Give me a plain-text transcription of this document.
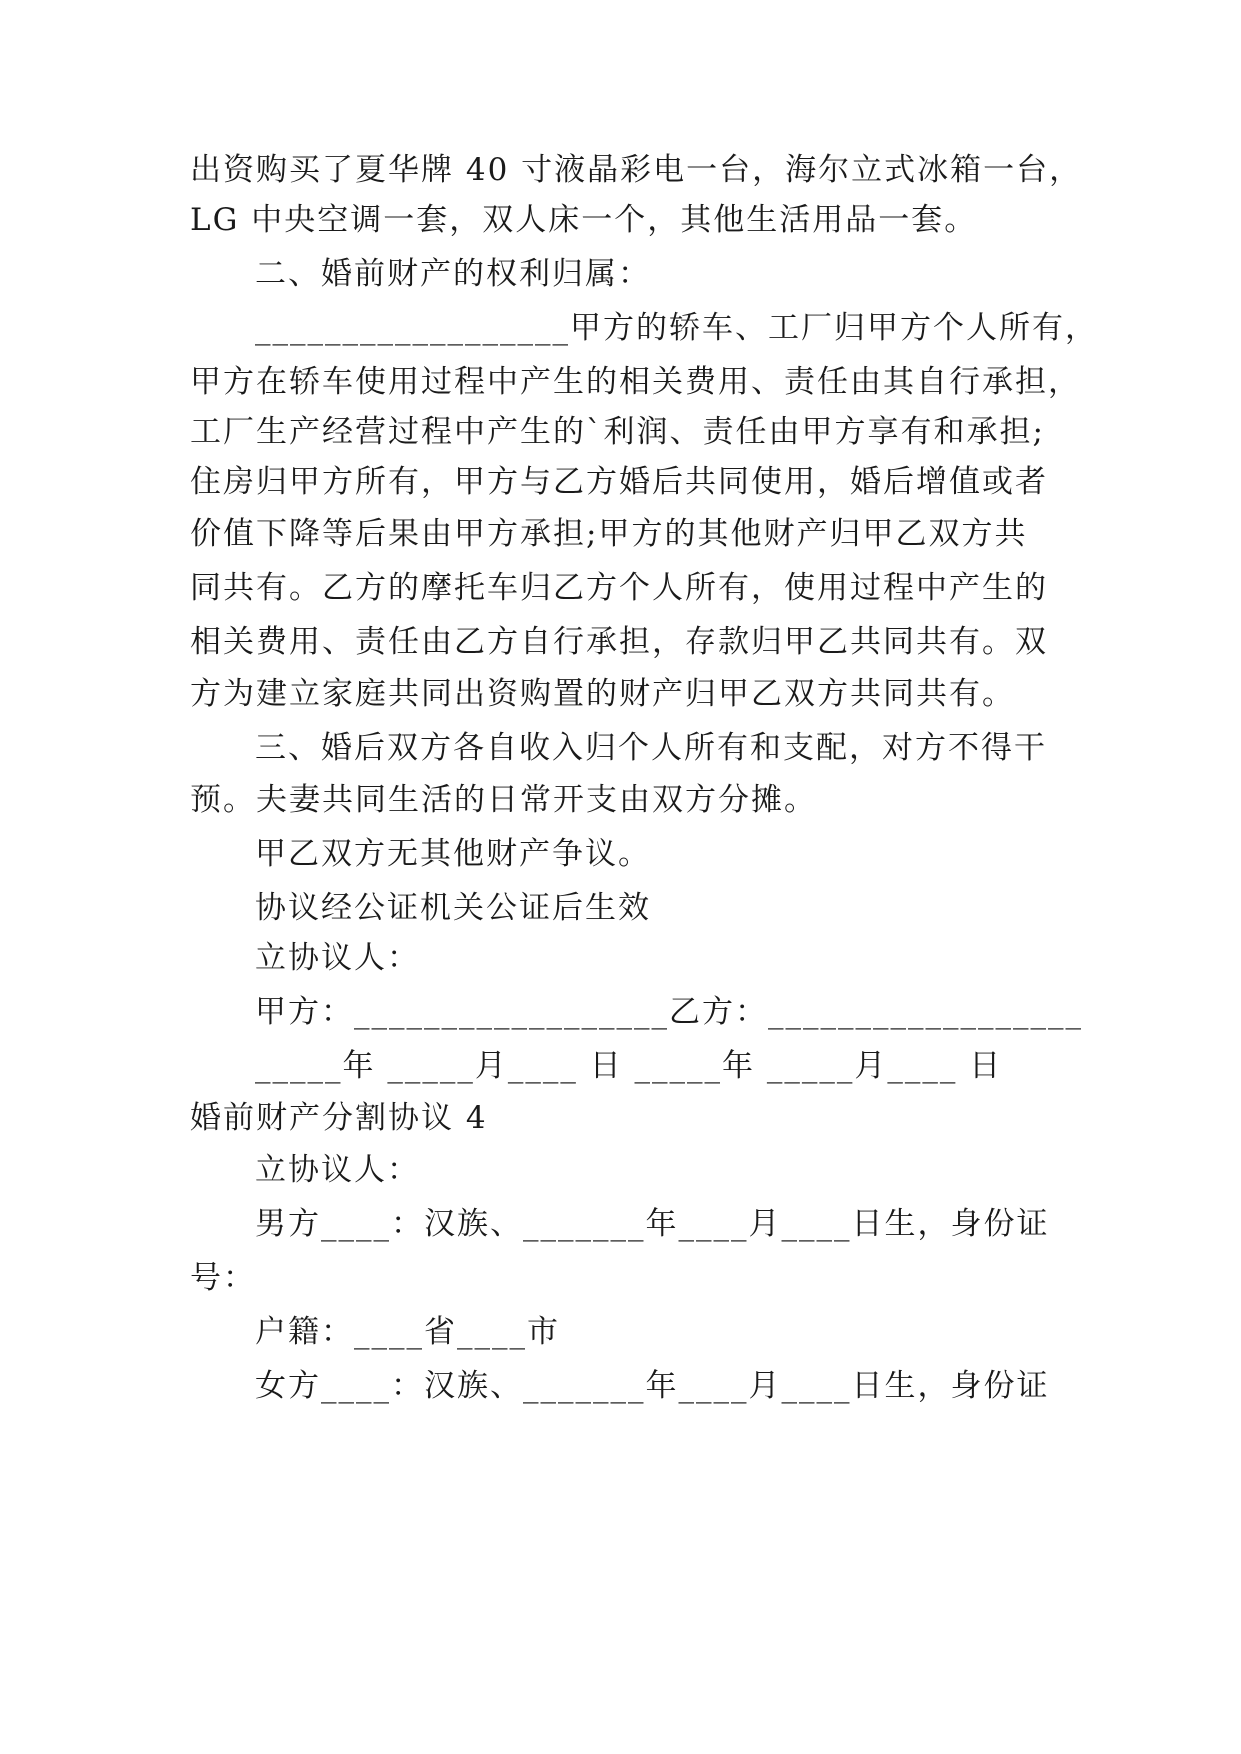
出资购买了夏华牌 40 寸液晶彩电一台，海尔立式冰箱一台，
LG 中央空调一套，双人床一个，其他生活用品一套。
二、婚前财产的权利归属：
__________________甲方的轿车、工厂归甲方个人所有，
甲方在轿车使用过程中产生的相关费用、责任由其自行承担，
工厂生产经营过程中产生的`利润、责任由甲方享有和承担;
住房归甲方所有，甲方与乙方婚后共同使用，婚后增值或者
价值下降等后果由甲方承担;甲方的其他财产归甲乙双方共
同共有。乙方的摩托车归乙方个人所有，使用过程中产生的
相关费用、责任由乙方自行承担，存款归甲乙共同共有。双
方为建立家庭共同出资购置的财产归甲乙双方共同共有。
三、婚后双方各自收入归个人所有和支配，对方不得干
预。夫妻共同生活的日常开支由双方分摊。
甲乙双方无其他财产争议。
协议经公证机关公证后生效
立协议人：
甲方：__________________乙方：__________________
_____年 _____月____ 日 _____年 _____月____ 日
婚前财产分割协议 4
立协议人：
男方____：汉族、_______年____月____日生，身份证
号：
户籍：____省____市
女方____：汉族、_______年____月____日生，身份证
